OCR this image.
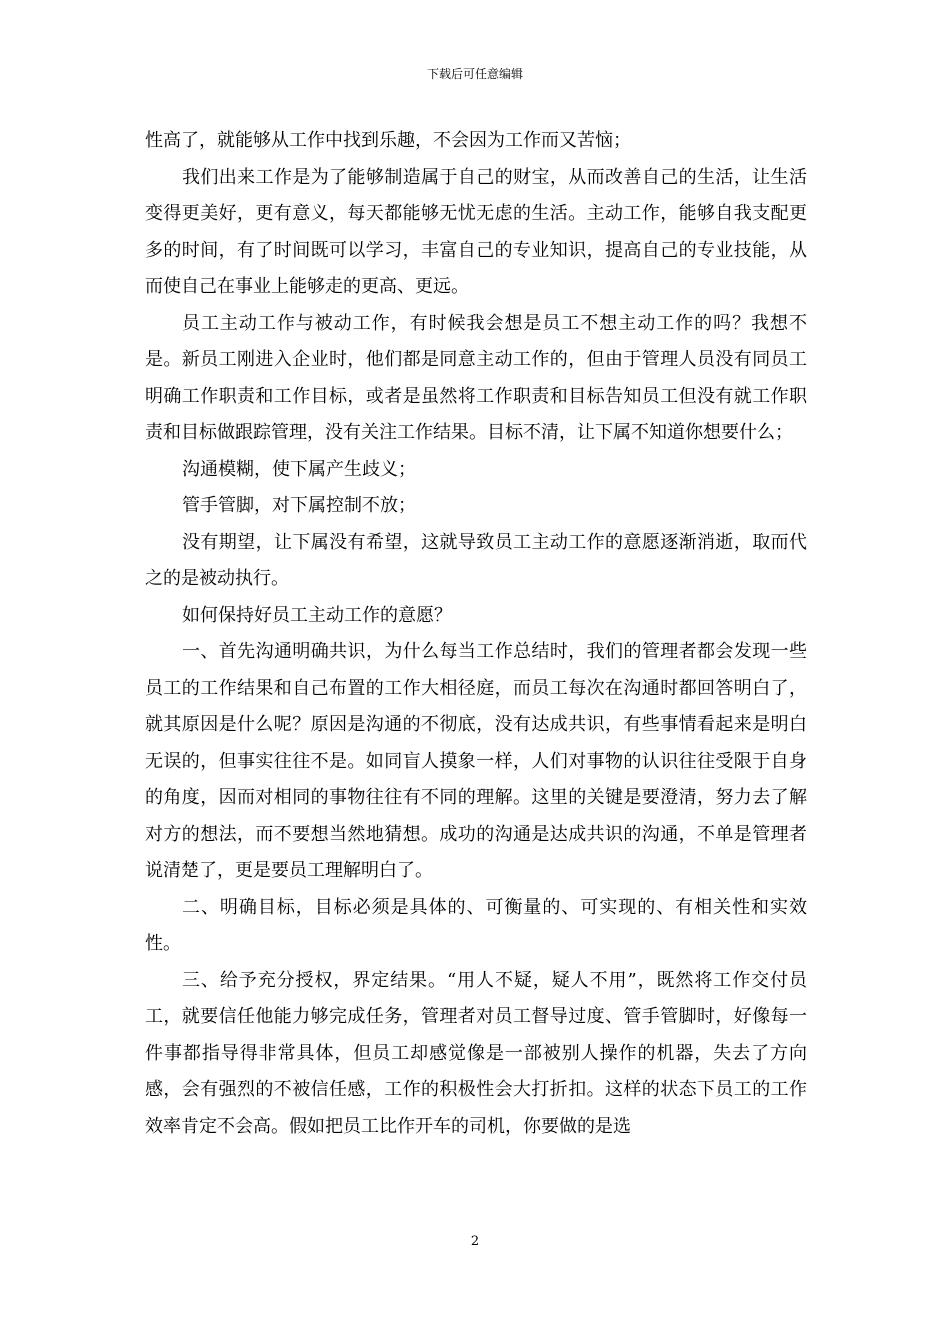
下载后可任意编辑

性高了，就能够从工作中找到乐趣，不会因为工作而又苦恼；

我们出来工作是为了能够制造属于自己的财宝，从而改善自己的生活，让生活变得更美好，更有意义，每天都能够无忧无虑的生活。主动工作，能够自我支配更多的时间，有了时间既可以学习，丰富自己的专业知识，提高自己的专业技能，从而使自己在事业上能够走的更高、更远。

员工主动工作与被动工作，有时候我会想是员工不想主动工作的吗？我想不是。新员工刚进入企业时，他们都是同意主动工作的，但由于管理人员没有同员工明确工作职责和工作目标，或者是虽然将工作职责和目标告知员工但没有就工作职责和目标做跟踪管理，没有关注工作结果。目标不清，让下属不知道你想要什么；

沟通模糊，使下属产生歧义；

管手管脚，对下属控制不放；

没有期望，让下属没有希望，这就导致员工主动工作的意愿逐渐消逝，取而代之的是被动执行。

如何保持好员工主动工作的意愿？

一、首先沟通明确共识，为什么每当工作总结时，我们的管理者都会发现一些员工的工作结果和自己布置的工作大相径庭，而员工每次在沟通时都回答明白了，就其原因是什么呢？原因是沟通的不彻底，没有达成共识，有些事情看起来是明白无误的，但事实往往不是。如同盲人摸象一样，人们对事物的认识往往受限于自身的角度，因而对相同的事物往往有不同的理解。这里的关键是要澄清，努力去了解对方的想法，而不要想当然地猜想。成功的沟通是达成共识的沟通，不单是管理者说清楚了，更是要员工理解明白了。

二、明确目标，目标必须是具体的、可衡量的、可实现的、有相关性和实效性。

三、给予充分授权，界定结果。“用人不疑，疑人不用”，既然将工作交付员工，就要信任他能力够完成任务，管理者对员工督导过度、管手管脚时，好像每一件事都指导得非常具体，但员工却感觉像是一部被别人操作的机器，失去了方向感，会有强烈的不被信任感，工作的积极性会大打折扣。这样的状态下员工的工作效率肯定不会高。假如把员工比作开车的司机，你要做的是选

2
